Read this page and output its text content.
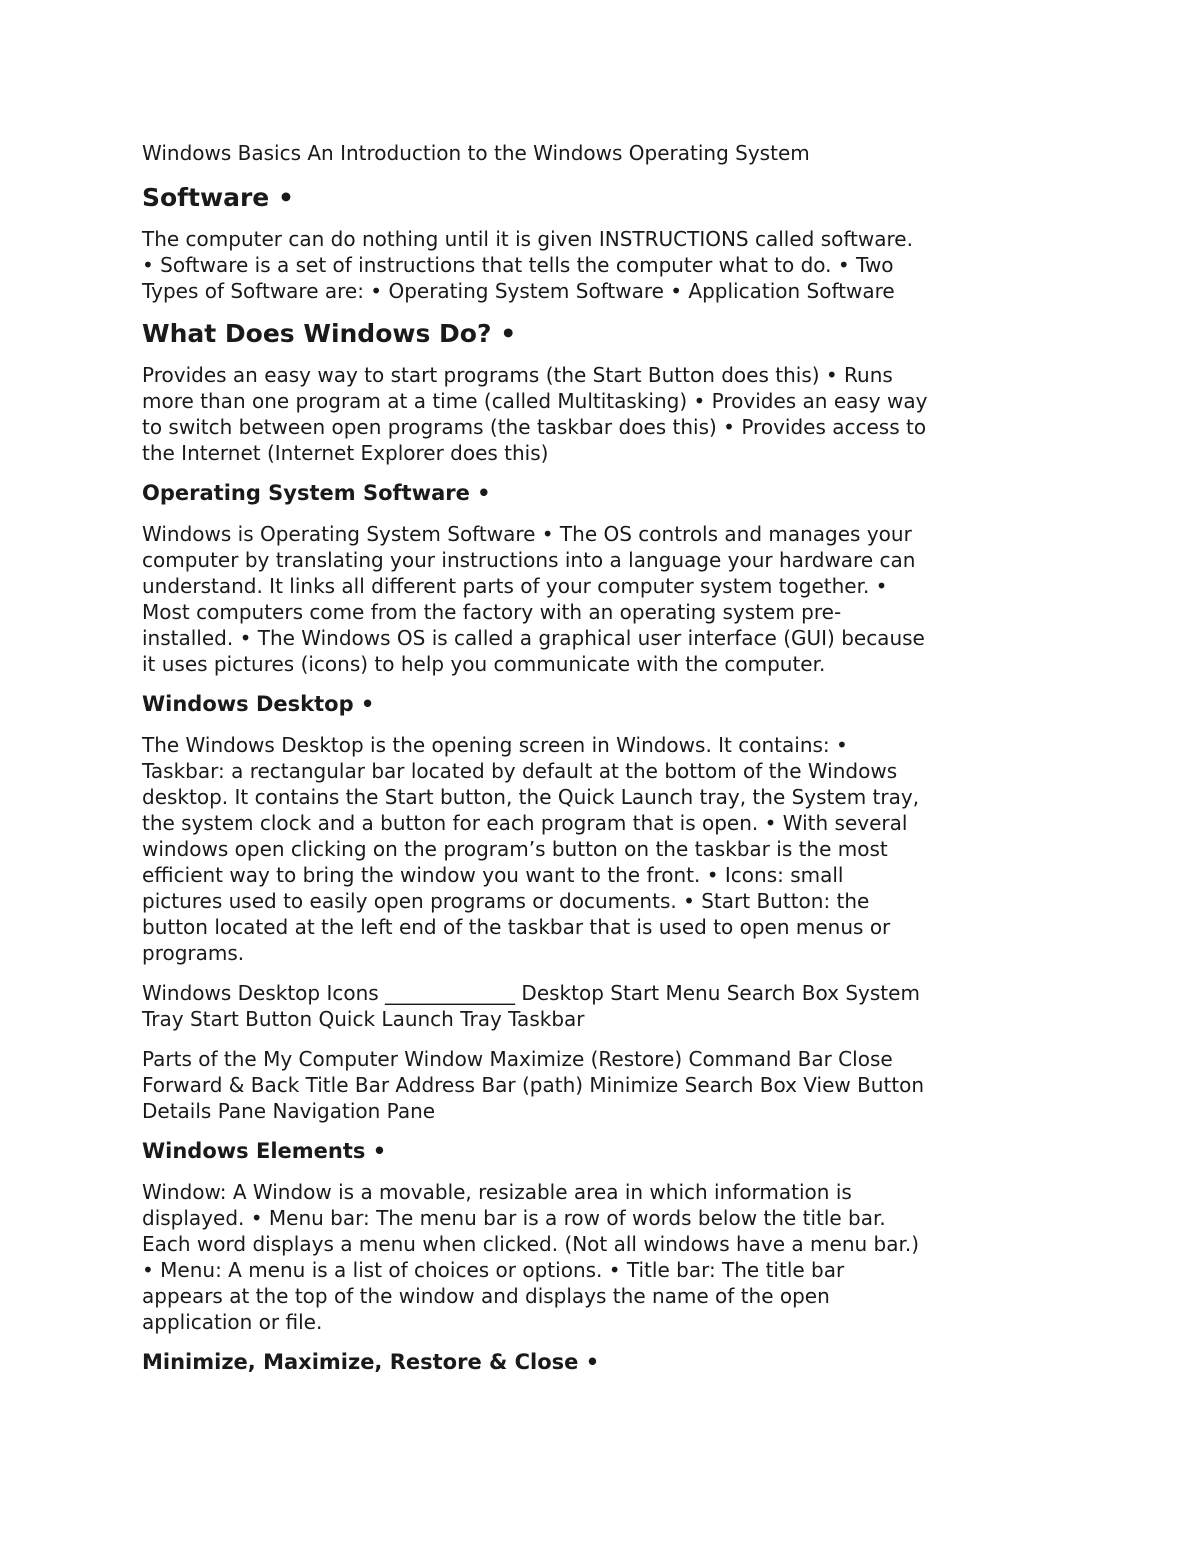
Windows Basics An Introduction to the Windows Operating System
Software •

The computer can do nothing until it is given INSTRUCTIONS called software.
• Software is a set of instructions that tells the computer what to do. • Two
Types of Software are: • Operating System Software • Application Software

What Does Windows Do? •

Provides an easy way to start programs (the Start Button does this) • Runs
more than one program at a time (called Multitasking) • Provides an easy way
to switch between open programs (the taskbar does this) • Provides access to
the Internet (Internet Explorer does this)

Operating System Software •

Windows is Operating System Software • The OS controls and manages your
computer by translating your instructions into a language your hardware can
understand. It links all different parts of your computer system together. •
Most computers come from the factory with an operating system pre-
installed. • The Windows OS is called a graphical user interface (GUI) because
it uses pictures (icons) to help you communicate with the computer.

Windows Desktop •

The Windows Desktop is the opening screen in Windows. It contains: •
Taskbar: a rectangular bar located by default at the bottom of the Windows
desktop. It contains the Start button, the Quick Launch tray, the System tray,
the system clock and a button for each program that is open. • With several
windows open clicking on the program’s button on the taskbar is the most
efficient way to bring the window you want to the front. • Icons: small
pictures used to easily open programs or documents. • Start Button: the
button located at the left end of the taskbar that is used to open menus or
programs.

Windows Desktop Icons _____________ Desktop Start Menu Search Box System
Tray Start Button Quick Launch Tray Taskbar

Parts of the My Computer Window Maximize (Restore) Command Bar Close
Forward & Back Title Bar Address Bar (path) Minimize Search Box View Button
Details Pane Navigation Pane

Windows Elements •

Window: A Window is a movable, resizable area in which information is
displayed. • Menu bar: The menu bar is a row of words below the title bar.
Each word displays a menu when clicked. (Not all windows have a menu bar.)
• Menu: A menu is a list of choices or options. • Title bar: The title bar
appears at the top of the window and displays the name of the open
application or file.

Minimize, Maximize, Restore & Close •
